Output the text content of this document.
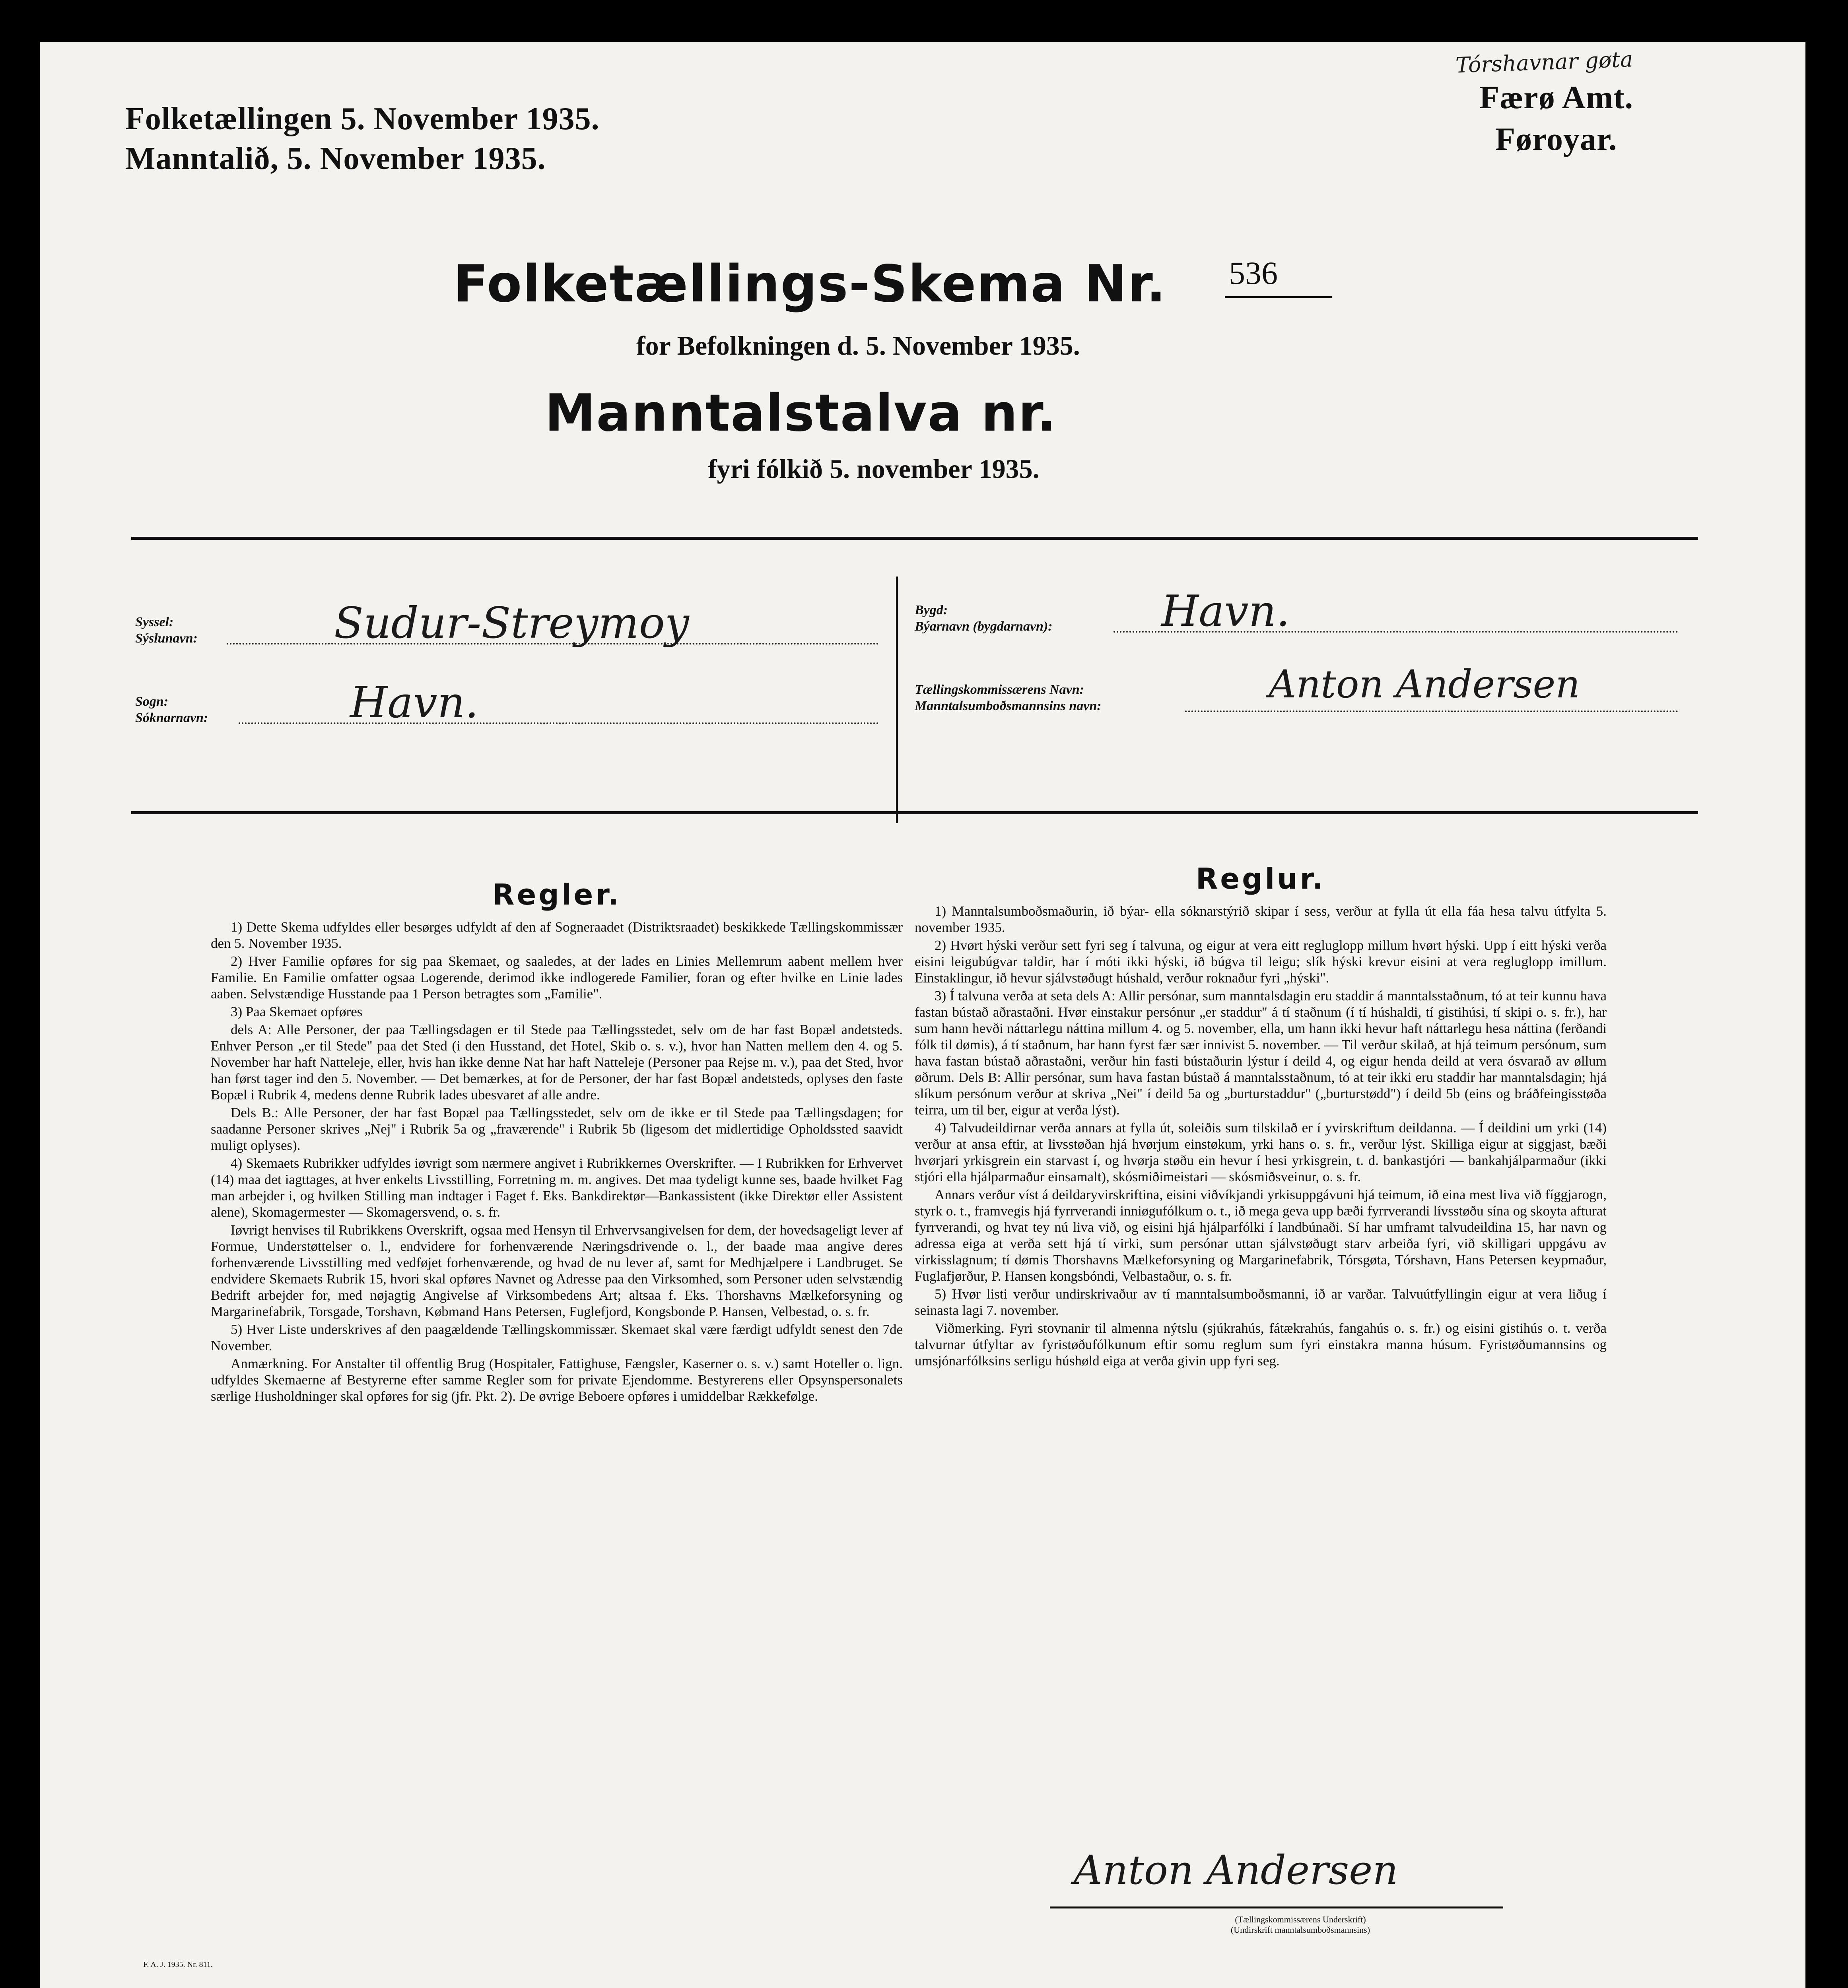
Folketællingen 5. November 1935.
Manntalið, 5. November 1935.
Tórshavnar gøta
Færø Amt.
Føroyar.
Folketællings-Skema Nr. 536
for Befolkningen d. 5. November 1935.
Manntalstalva nr.
fyri fólkið 5. november 1935.
Syssel:
Sýslunavn:	Sudur-Streymoy
Sogn:
Sóknarnavn:	Havn.
Bygd:
Býarnavn (bygdarnavn):	Havn.
Tællingskommissærens Navn:
Manntalsumboðsmannsins navn:	Anton Andersen
Regler.

1) Dette Skema udfyldes eller besørges udfyldt af den af Sogneraadet (Distriktsraadet) beskikkede Tællingskommissær den 5. November 1935.

2) Hver Familie opføres for sig paa Skemaet, og saaledes, at der lades en Linies Mellemrum aabent mellem hver Familie. En Familie omfatter ogsaa Logerende, derimod ikke indlogerede Familier, foran og efter hvilke en Linie lades aaben. Selvstændige Husstande paa 1 Person betragtes som „Familie".

3) Paa Skemaet opføres

dels A: Alle Personer, der paa Tællingsdagen er til Stede paa Tællingsstedet, selv om de har fast Bopæl andetsteds. Enhver Person „er til Stede" paa det Sted (i den Husstand, det Hotel, Skib o. s. v.), hvor han Natten mellem den 4. og 5. November har haft Natteleje, eller, hvis han ikke denne Nat har haft Natteleje (Personer paa Rejse m. v.), paa det Sted, hvor han først tager ind den 5. November. — Det bemærkes, at for de Personer, der har fast Bopæl andetsteds, oplyses den faste Bopæl i Rubrik 4, medens denne Rubrik lades ubesvaret af alle andre.

Dels B.: Alle Personer, der har fast Bopæl paa Tællingsstedet, selv om de ikke er til Stede paa Tællingsdagen; for saadanne Personer skrives „Nej" i Rubrik 5a og „fraværende" i Rubrik 5b (ligesom det midlertidige Opholdssted saavidt muligt oplyses).

4) Skemaets Rubrikker udfyldes iøvrigt som nærmere angivet i Rubrikkernes Overskrifter. — I Rubrikken for Erhvervet (14) maa det iagttages, at hver enkelts Livsstilling, Forretning m. m. angives. Det maa tydeligt kunne ses, baade hvilket Fag man arbejder i, og hvilken Stilling man indtager i Faget f. Eks. Bankdirektør—Bankassistent (ikke Direktør eller Assistent alene), Skomagermester — Skomagersvend, o. s. fr.

Iøvrigt henvises til Rubrikkens Overskrift, ogsaa med Hensyn til Erhvervsangivelsen for dem, der hovedsageligt lever af Formue, Understøttelser o. l., endvidere for forhenværende Næringsdrivende o. l., der baade maa angive deres forhenværende Livsstilling med vedføjet forhenværende, og hvad de nu lever af, samt for Medhjælpere i Landbruget. Se endvidere Skemaets Rubrik 15, hvori skal opføres Navnet og Adresse paa den Virksomhed, som Personer uden selvstændig Bedrift arbejder for, med nøjagtig Angivelse af Virksombedens Art; altsaa f. Eks. Thorshavns Mælkeforsyning og Margarinefabrik, Torsgade, Torshavn, Købmand Hans Petersen, Fuglefjord, Kongsbonde P. Hansen, Velbestad, o. s. fr.

5) Hver Liste underskrives af den paagældende Tællingskommissær. Skemaet skal være færdigt udfyldt senest den 7de November.

Anmærkning. For Anstalter til offentlig Brug (Hospitaler, Fattighuse, Fængsler, Kaserner o. s. v.) samt Hoteller o. lign. udfyldes Skemaerne af Bestyrerne efter samme Regler som for private Ejendomme. Bestyrerens eller Opsynspersonalets særlige Husholdninger skal opføres for sig (jfr. Pkt. 2). De øvrige Beboere opføres i umiddelbar Rækkefølge.

Reglur.

1) Manntalsumboðsmaðurin, ið býar- ella sóknarstýrið skipar í sess, verður at fylla út ella fáa hesa talvu útfylta 5. november 1935.

2) Hvørt hýski verður sett fyri seg í talvuna, og eigur at vera eitt regluglopp millum hvørt hýski. Upp í eitt hýski verða eisini leigubúgvar taldir, har í móti ikki hýski, ið búgva til leigu; slík hýski krevur eisini at vera regluglopp imillum. Einstaklingur, ið hevur sjálvstøðugt húshald, verður roknaður fyri „hýski".

3) Í talvuna verða at seta dels A: Allir persónar, sum manntalsdagin eru staddir á manntalsstaðnum, tó at teir kunnu hava fastan bústað aðrastaðni. Hvør einstakur persónur „er staddur" á tí staðnum (í tí húshaldi, tí gistihúsi, tí skipi o. s. fr.), har sum hann hevði náttarlegu náttina millum 4. og 5. november, ella, um hann ikki hevur haft náttarlegu hesa náttina (ferðandi fólk til dømis), á tí staðnum, har hann fyrst fær sær innivist 5. november. — Til verður skilað, at hjá teimum persónum, sum hava fastan bústað aðrastaðni, verður hin fasti bústaðurin lýstur í deild 4, og eigur henda deild at vera ósvarað av øllum øðrum. Dels B: Allir persónar, sum hava fastan bústað á manntalsstaðnum, tó at teir ikki eru staddir har manntalsdagin; hjá slíkum persónum verður at skriva „Nei" í deild 5a og „burturstaddur" („burturstødd") í deild 5b (eins og bráðfeingisstøða teirra, um til ber, eigur at verða lýst).

4) Talvudeildirnar verða annars at fylla út, soleiðis sum tilskilað er í yvirskriftum deildanna. — Í deildini um yrki (14) verður at ansa eftir, at livsstøðan hjá hvørjum einstøkum, yrki hans o. s. fr., verður lýst. Skilliga eigur at siggjast, bæði hvørjari yrkisgrein ein starvast í, og hvørja støðu ein hevur í hesi yrkisgrein, t. d. bankastjóri — bankahjálparmaður (ikki stjóri ella hjálparmaður einsamalt), skósmiðimeistari — skósmiðsveinur, o. s. fr.

Annars verður víst á deildaryvirskriftina, eisini viðvíkjandi yrkisuppgávuni hjá teimum, ið eina mest liva við fíggjarogn, styrk o. t., framvegis hjá fyrrverandi inniøgufólkum o. t., ið mega geva upp bæði fyrrverandi lívsstøðu sína og skoyta afturat fyrrverandi, og hvat tey nú liva við, og eisini hjá hjálparfólki í landbúnaði. Sí har umframt talvudeildina 15, har navn og adressa eiga at verða sett hjá tí virki, sum persónar uttan sjálvstøðugt starv arbeiða fyri, við skilligari uppgávu av virkisslagnum; tí dømis Thorshavns Mælkeforsyning og Margarinefabrik, Tórsgøta, Tórshavn, Hans Petersen keypmaður, Fuglafjørður, P. Hansen kongsbóndi, Velbastaður, o. s. fr.

5) Hvør listi verður undirskrivaður av tí manntalsumboðsmanni, ið ar varðar. Talvuútfyllingin eigur at vera liðug í seinasta lagi 7. november.

Viðmerking. Fyri stovnanir til almenna nýtslu (sjúkrahús, fátækrahús, fangahús o. s. fr.) og eisini gistihús o. t. verða talvurnar útfyltar av fyristøðufólkunum eftir somu reglum sum fyri einstakra manna húsum. Fyristøðumannsins og umsjónarfólksins serligu húshøld eiga at verða givin upp fyri seg.

Anton Andersen
(Tællingskommissærens Underskrift)
(Undirskrift manntalsumboðsmannsins)
F. A. J. 1935. Nr. 811.
